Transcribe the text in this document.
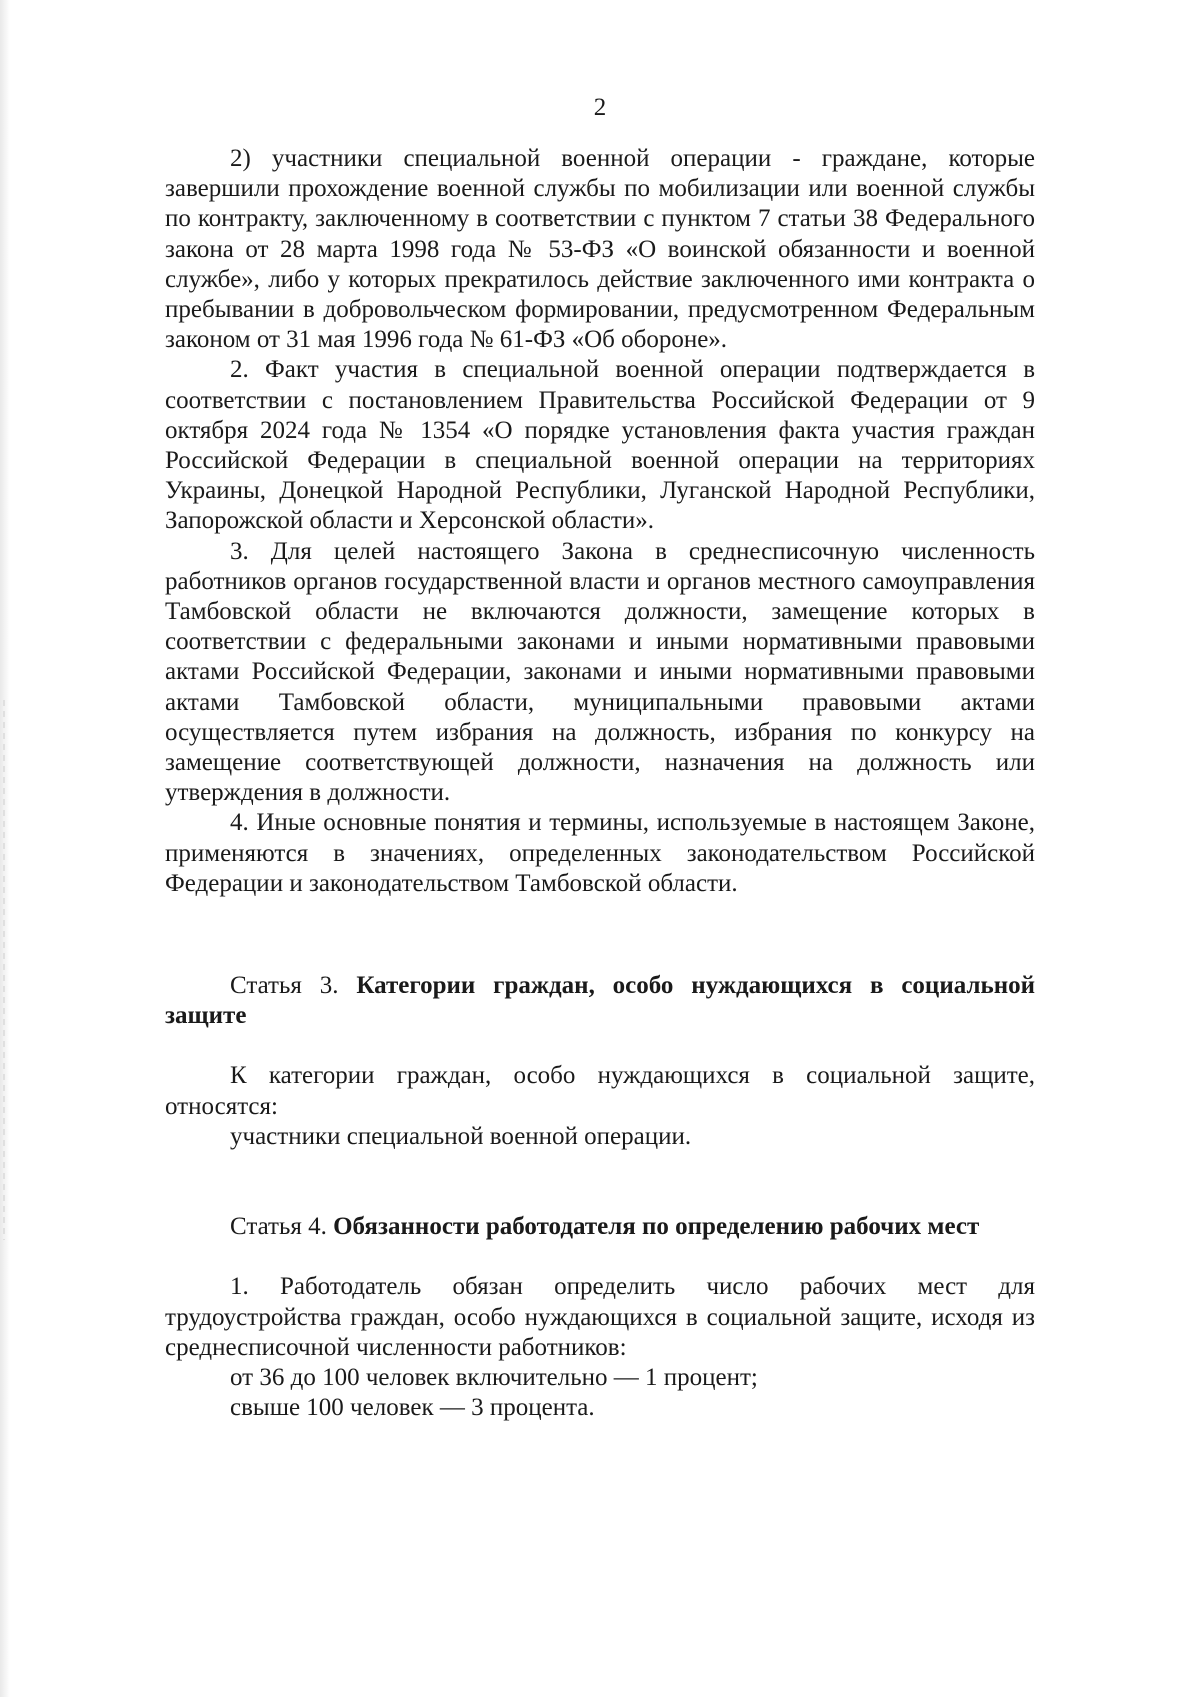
2

2) участники специальной военной операции - граждане, которые завершили прохождение военной службы по мобилизации или военной службы по контракту, заключенному в соответствии с пунктом 7 статьи 38 Федерального закона от 28 марта 1998 года № 53-ФЗ «О воинской обязанности и военной службе», либо у которых прекратилось действие заключенного ими контракта о пребывании в добровольческом формировании, предусмотренном Федеральным законом от 31 мая 1996 года № 61-ФЗ «Об обороне».

2. Факт участия в специальной военной операции подтверждается в соответствии с постановлением Правительства Российской Федерации от 9 октября 2024 года № 1354 «О порядке установления факта участия граждан Российской Федерации в специальной военной операции на территориях Украины, Донецкой Народной Республики, Луганской Народной Республики, Запорожской области и Херсонской области».

3. Для целей настоящего Закона в среднесписочную численность работников органов государственной власти и органов местного самоуправления Тамбовской области не включаются должности, замещение которых в соответствии с федеральными законами и иными нормативными правовыми актами Российской Федерации, законами и иными нормативными правовыми актами Тамбовской области, муниципальными правовыми актами осуществляется путем избрания на должность, избрания по конкурсу на замещение соответствующей должности, назначения на должность или утверждения в должности.

4. Иные основные понятия и термины, используемые в настоящем Законе, применяются в значениях, определенных законодательством Российской Федерации и законодательством Тамбовской области.

Статья 3. Категории граждан, особо нуждающихся в социальной защите

К категории граждан, особо нуждающихся в социальной защите, относятся:

участники специальной военной операции.

Статья 4. Обязанности работодателя по определению рабочих мест

1. Работодатель обязан определить число рабочих мест для трудоустройства граждан, особо нуждающихся в социальной защите, исходя из среднесписочной численности работников:

от 36 до 100 человек включительно — 1 процент;

свыше 100 человек — 3 процента.
